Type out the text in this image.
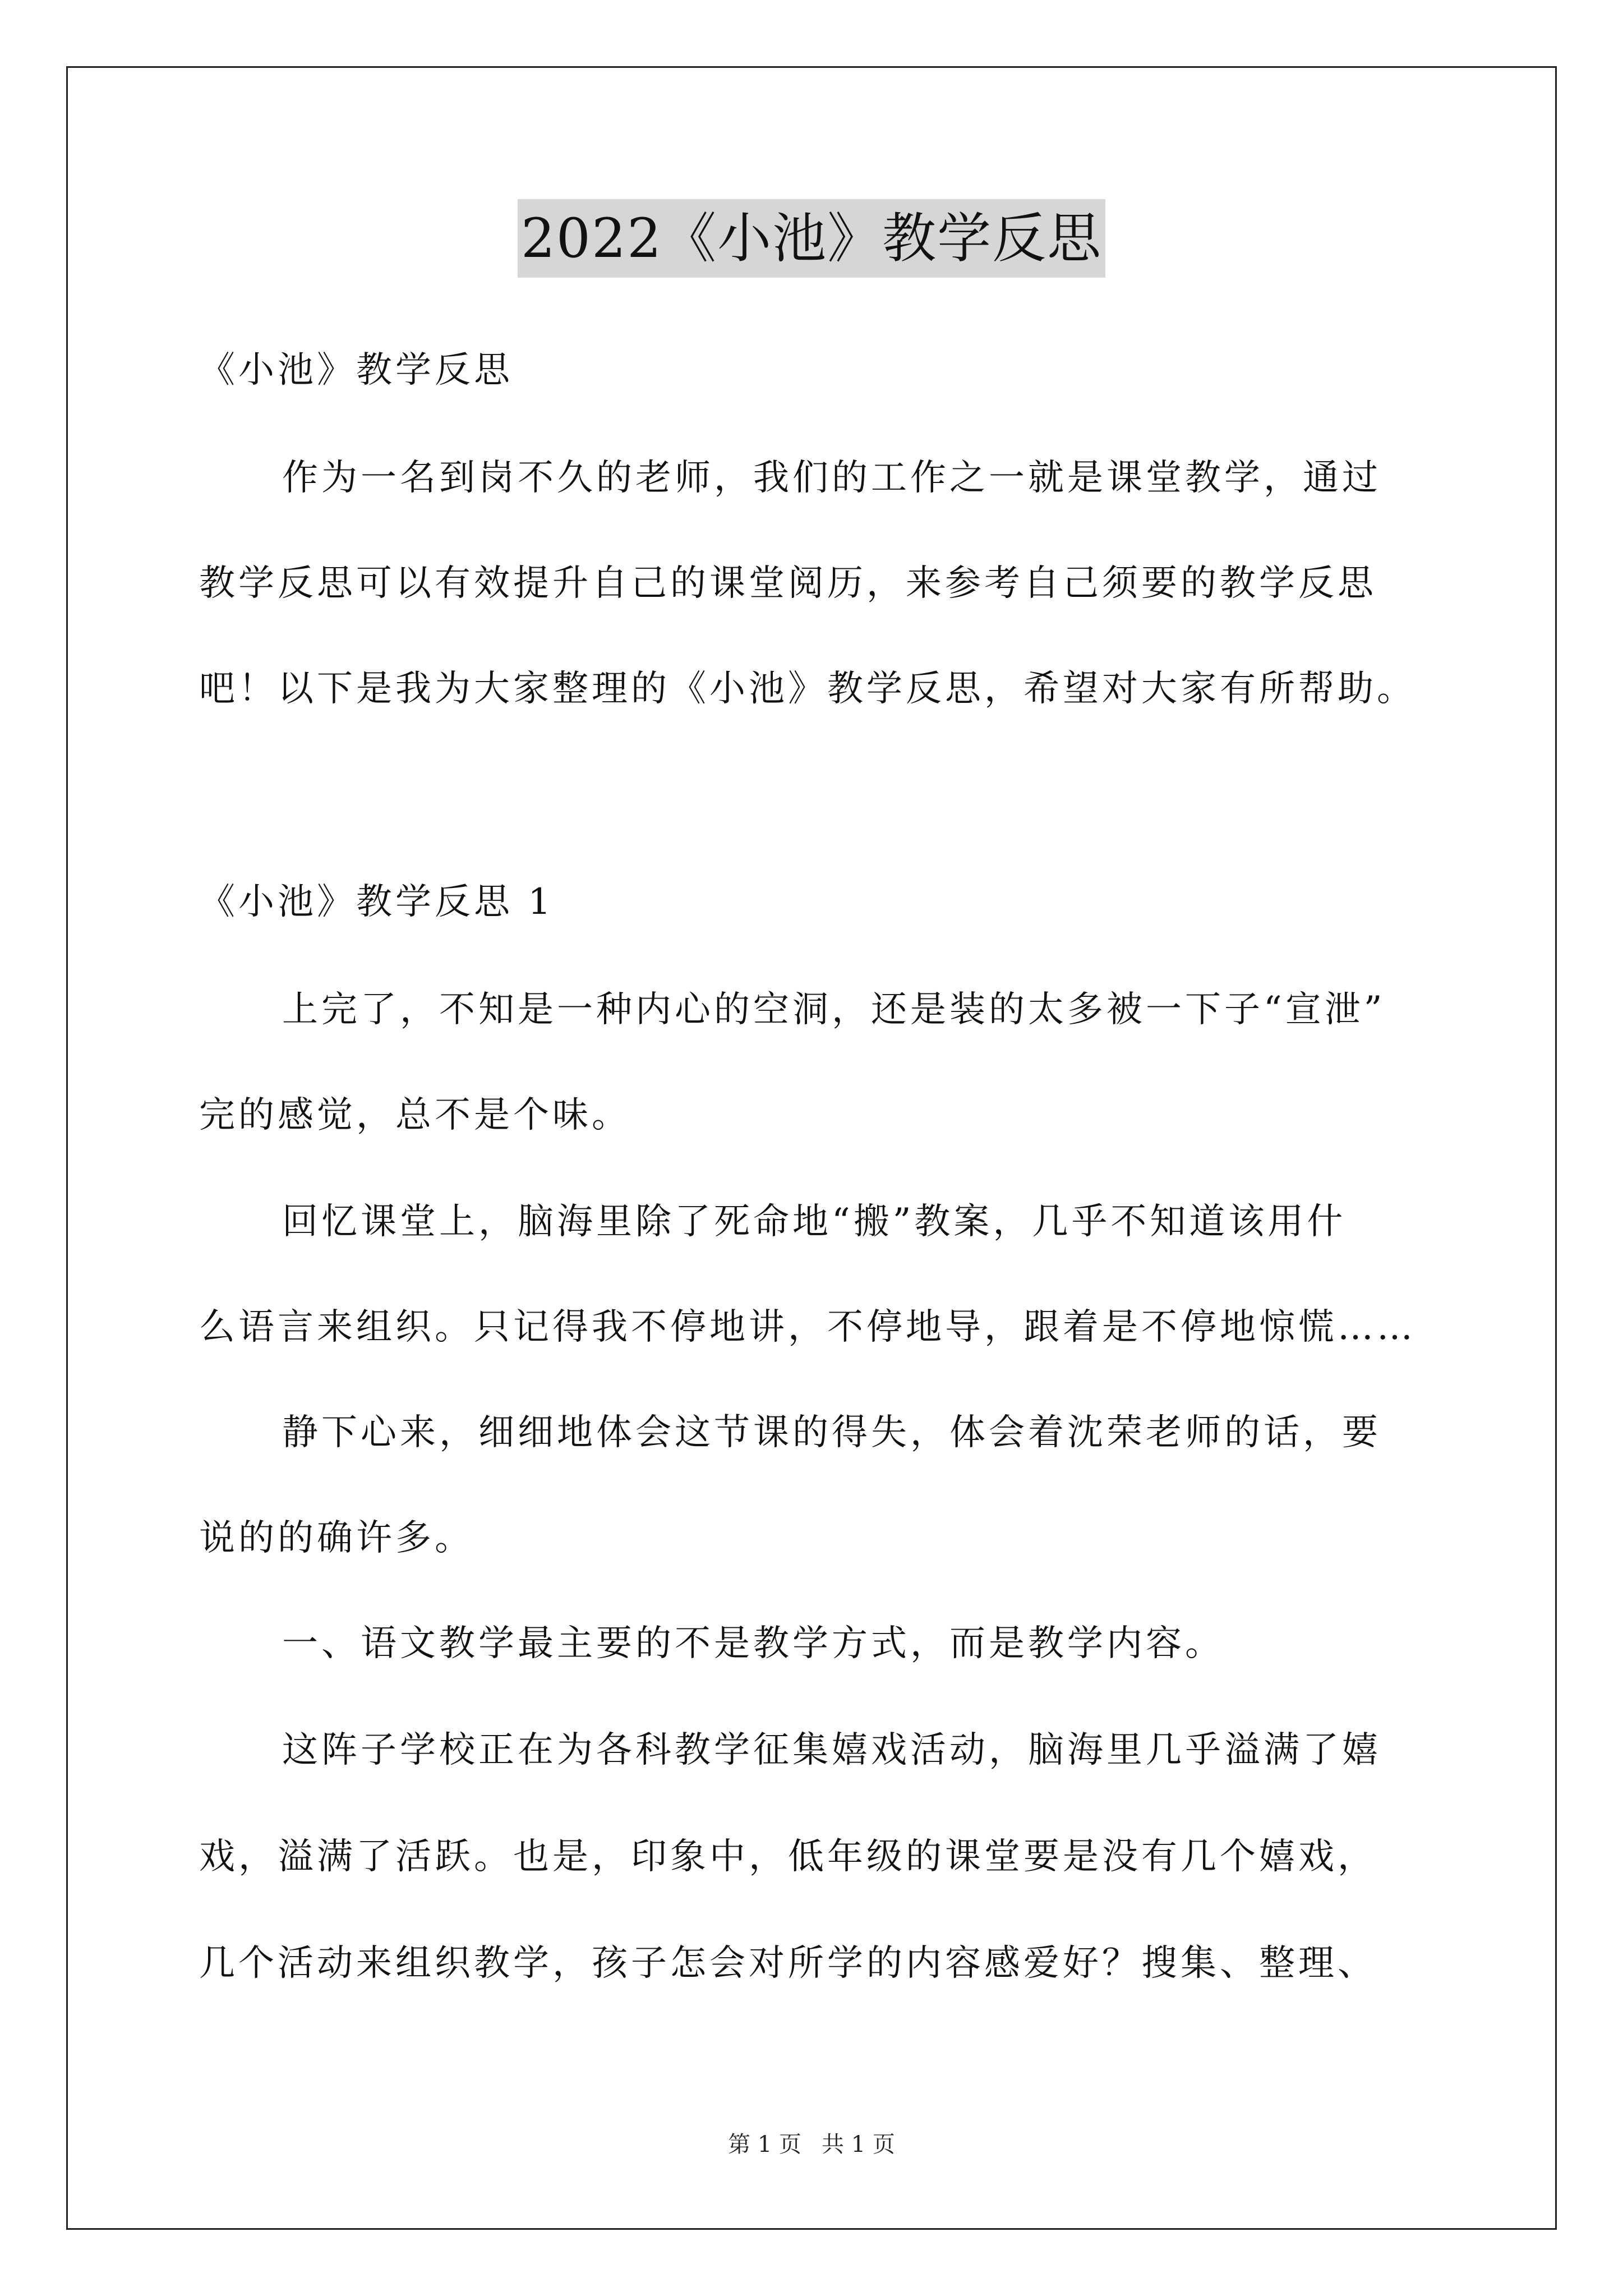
2022《小池》教学反思
《小池》教学反思
作为一名到岗不久的老师，我们的工作之一就是课堂教学，通过
教学反思可以有效提升自己的课堂阅历，来参考自己须要的教学反思
吧！以下是我为大家整理的《小池》教学反思，希望对大家有所帮助。
《小池》教学反思 1
上完了，不知是一种内心的空洞，还是装的太多被一下子“宣泄”
完的感觉，总不是个味。
回忆课堂上，脑海里除了死命地“搬”教案，几乎不知道该用什
么语言来组织。只记得我不停地讲，不停地导，跟着是不停地惊慌……
静下心来，细细地体会这节课的得失，体会着沈荣老师的话，要
说的的确许多。
一、语文教学最主要的不是教学方式，而是教学内容。
这阵子学校正在为各科教学征集嬉戏活动，脑海里几乎溢满了嬉
戏，溢满了活跃。也是，印象中，低年级的课堂要是没有几个嬉戏，
几个活动来组织教学，孩子怎会对所学的内容感爱好？搜集、整理、
第 1 页 共 1 页
